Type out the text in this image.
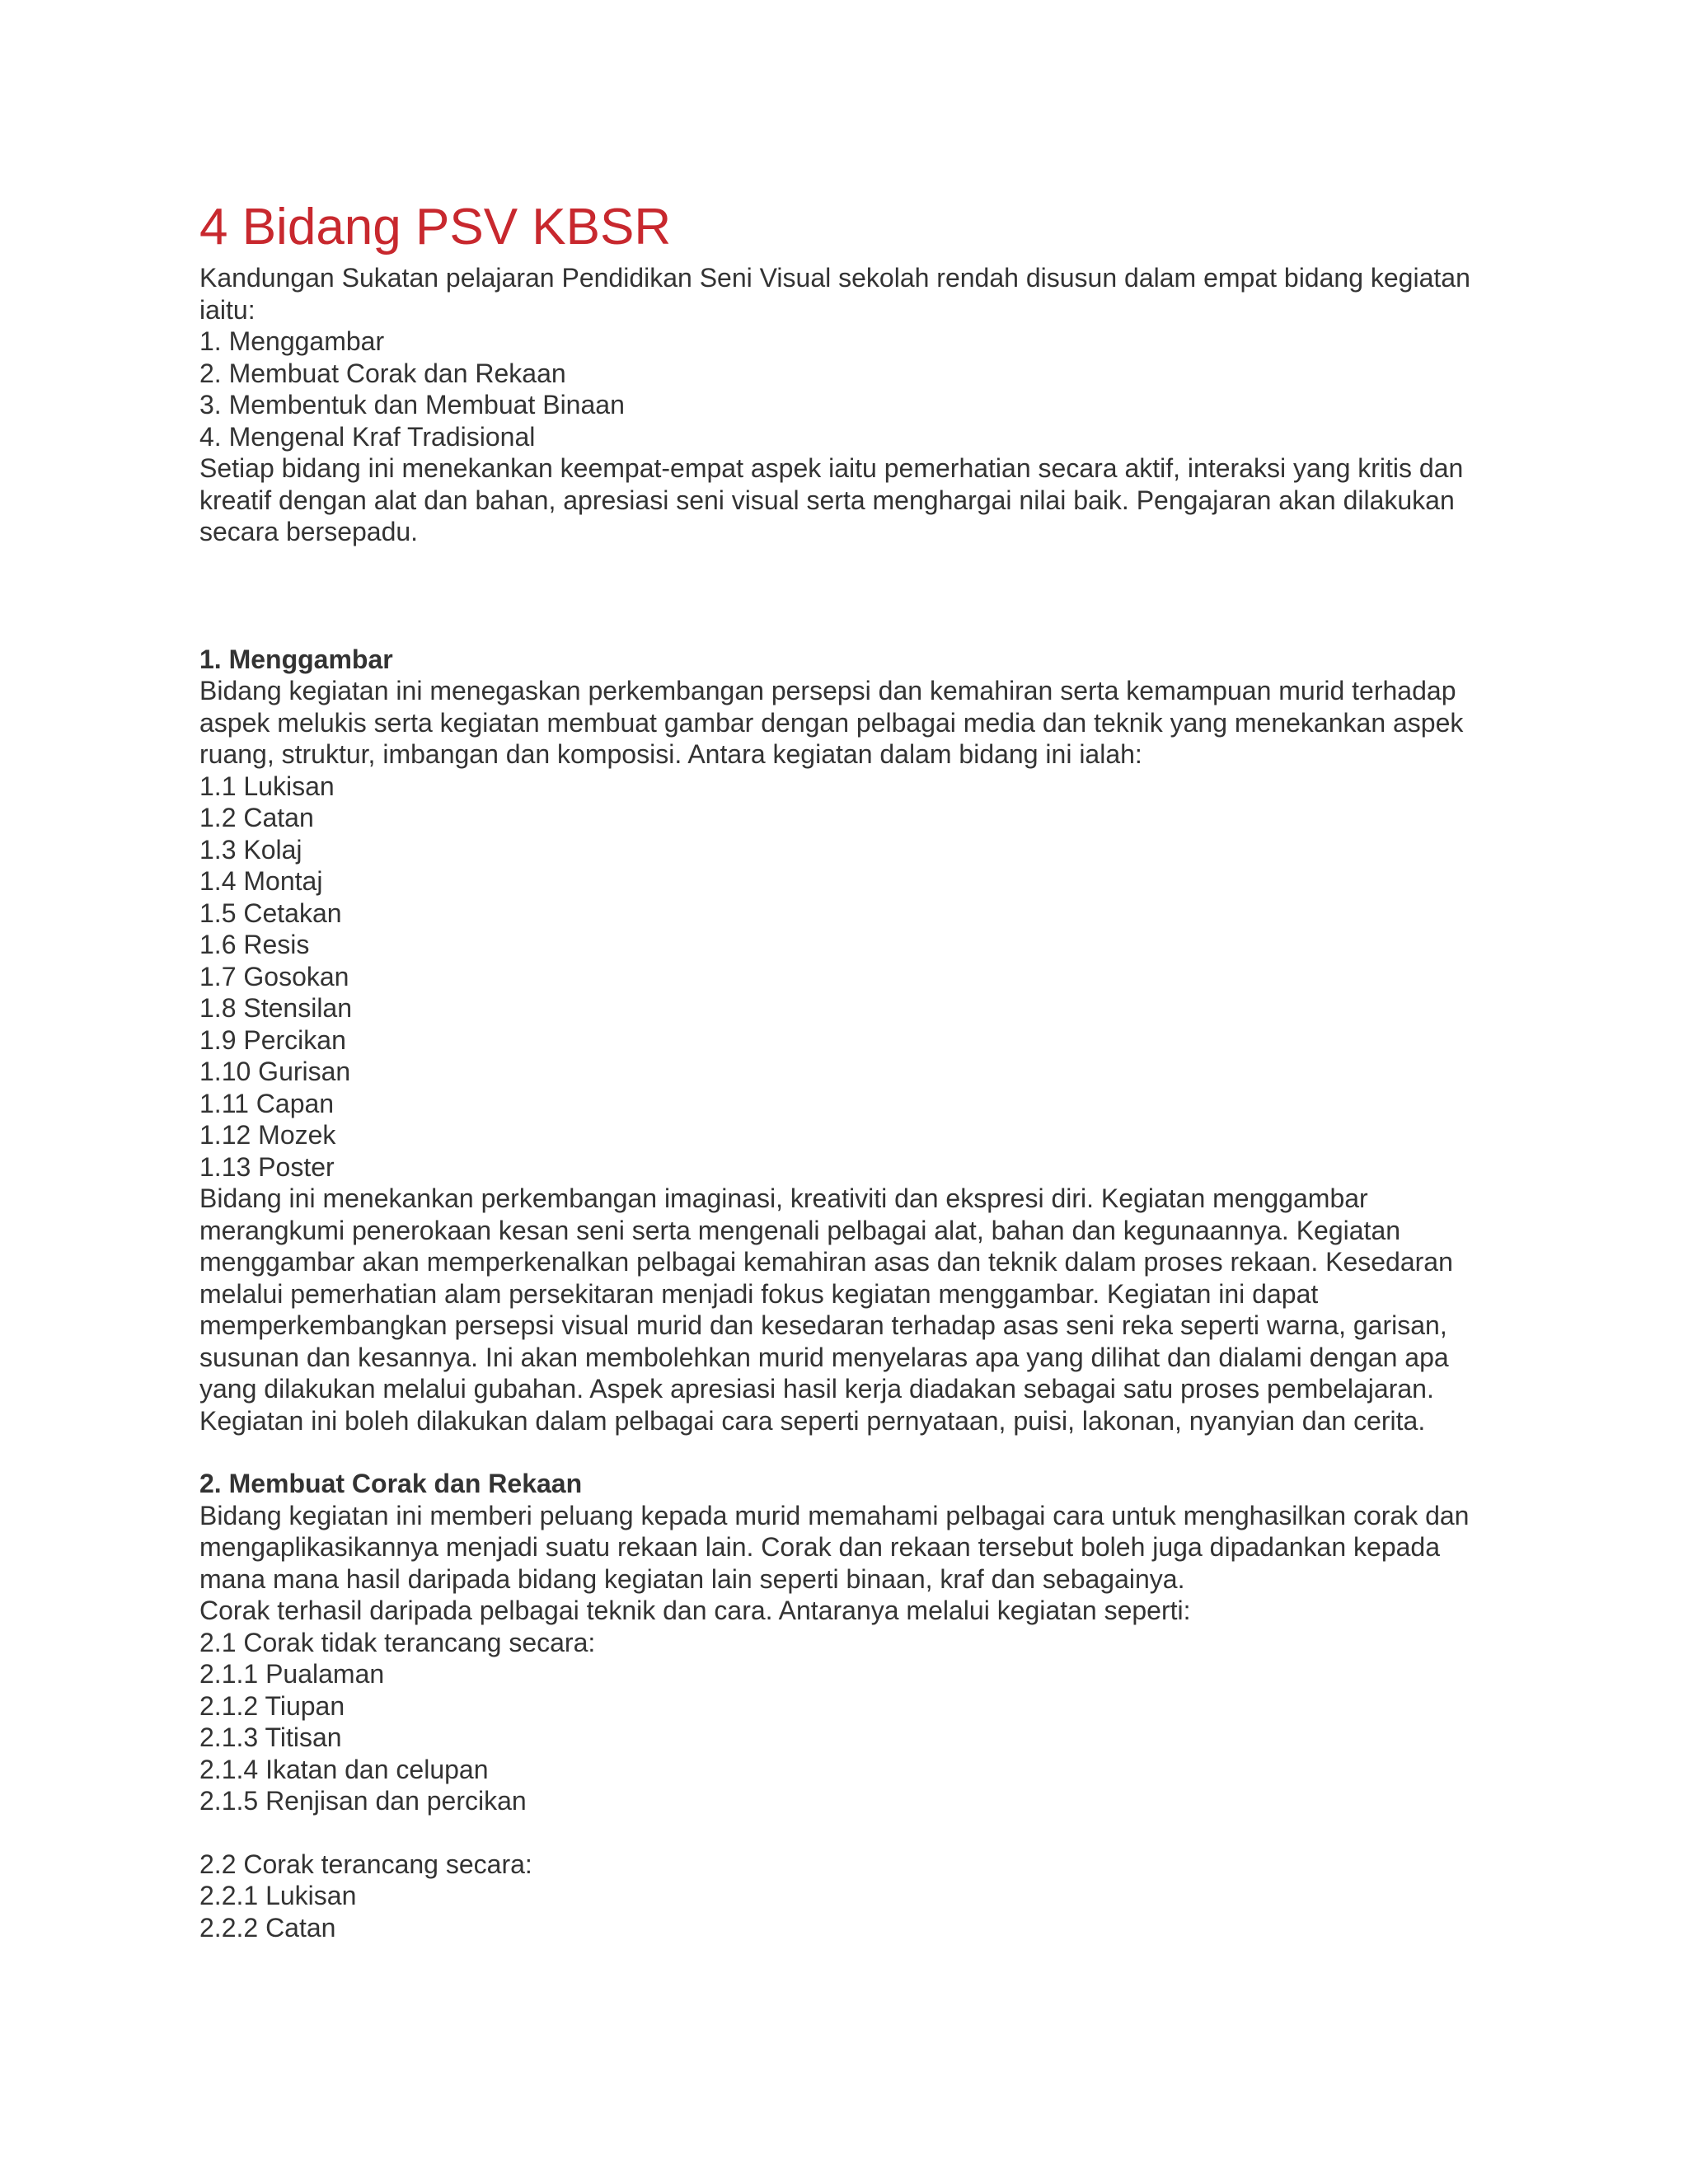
4 Bidang PSV KBSR
Kandungan Sukatan pelajaran Pendidikan Seni Visual sekolah rendah disusun dalam empat bidang kegiatan iaitu:
1. Menggambar
2. Membuat Corak dan Rekaan
3. Membentuk dan Membuat Binaan
4. Mengenal Kraf Tradisional
Setiap bidang ini menekankan keempat-empat aspek iaitu pemerhatian secara aktif, interaksi yang kritis dan kreatif dengan alat dan bahan, apresiasi seni visual serta menghargai nilai baik. Pengajaran akan dilakukan secara bersepadu.
1. Menggambar
Bidang kegiatan ini menegaskan perkembangan persepsi dan kemahiran serta kemampuan murid terhadap aspek melukis serta kegiatan membuat gambar dengan pelbagai media dan teknik yang menekankan aspek ruang, struktur, imbangan dan komposisi. Antara kegiatan dalam bidang ini ialah:
1.1 Lukisan
1.2 Catan
1.3 Kolaj
1.4 Montaj
1.5 Cetakan
1.6 Resis
1.7 Gosokan
1.8 Stensilan
1.9 Percikan
1.10 Gurisan
1.11 Capan
1.12 Mozek
1.13 Poster
Bidang ini menekankan perkembangan imaginasi, kreativiti dan ekspresi diri. Kegiatan menggambar merangkumi penerokaan kesan seni serta mengenali pelbagai alat, bahan dan kegunaannya. Kegiatan menggambar akan memperkenalkan pelbagai kemahiran asas dan teknik dalam proses rekaan. Kesedaran melalui pemerhatian alam persekitaran menjadi fokus kegiatan menggambar. Kegiatan ini dapat memperkembangkan persepsi visual murid dan kesedaran terhadap asas seni reka seperti warna, garisan, susunan dan kesannya. Ini akan membolehkan murid menyelaras apa yang dilihat dan dialami dengan apa yang dilakukan melalui gubahan. Aspek apresiasi hasil kerja diadakan sebagai satu proses pembelajaran. Kegiatan ini boleh dilakukan dalam pelbagai cara seperti pernyataan, puisi, lakonan, nyanyian dan cerita.
2. Membuat Corak dan Rekaan
Bidang kegiatan ini memberi peluang kepada murid memahami pelbagai cara untuk menghasilkan corak dan mengaplikasikannya menjadi suatu rekaan lain. Corak dan rekaan tersebut boleh juga dipadankan kepada mana mana hasil daripada bidang kegiatan lain seperti binaan, kraf dan sebagainya.
Corak terhasil daripada pelbagai teknik dan cara. Antaranya melalui kegiatan seperti:
2.1 Corak tidak terancang secara:
2.1.1 Pualaman
2.1.2 Tiupan
2.1.3 Titisan
2.1.4 Ikatan dan celupan
2.1.5 Renjisan dan percikan
2.2 Corak terancang secara:
2.2.1 Lukisan
2.2.2 Catan
